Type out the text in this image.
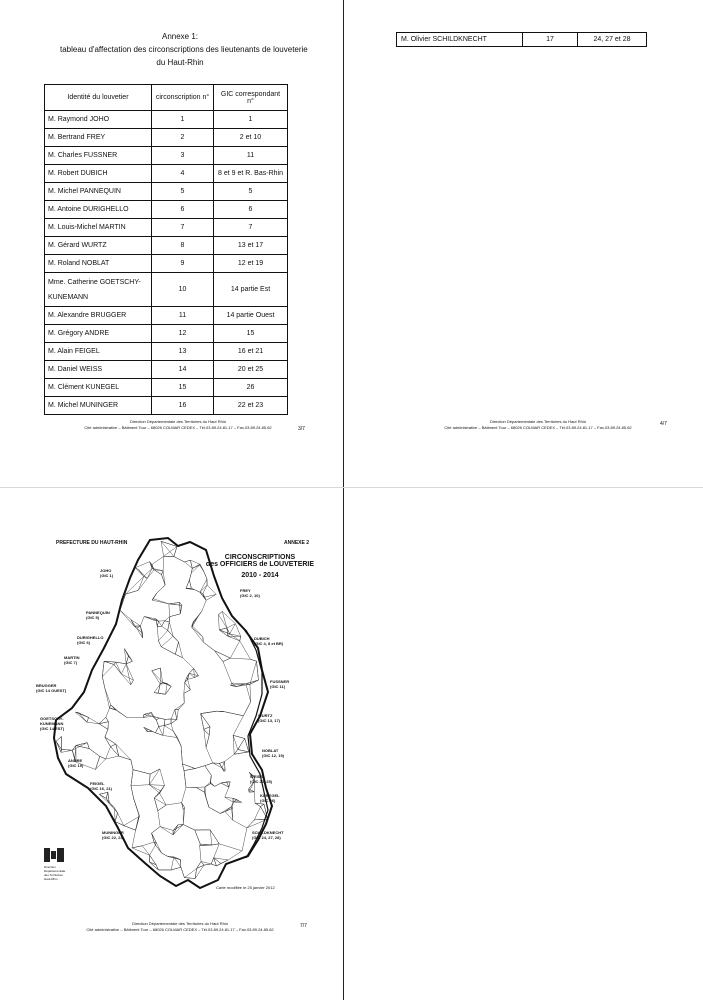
Annexe 1:
tableau d'affectation des circonscriptions des lieutenants de louveterie
du Haut-Rhin
Identité du louvetier	circonscription n°	GIC correspondant n°
M. Raymond JOHO	1	1
M. Bertrand FREY	2	2 et 10
M. Charles FUSSNER	3	11
M. Robert DUBICH	4	8 et 9 et R. Bas-Rhin
M. Michel PANNEQUIN	5	5
M. Antoine DURIGHELLO	6	6
M. Louis-Michel MARTIN	7	7
M. Gérard WURTZ	8	13 et 17
M. Roland NOBLAT	9	12 et 19

Mme. Catherine GOETSCHY-
KUNEMANN	10	14 partie Est
M. Alexandre BRUGGER	11	14 partie Ouest
M. Grégory ANDRE	12	15
M. Alain FEIGEL	13	16 et 21
M. Daniel WEISS	14	20 et 25
M. Clément KUNEGEL	15	26
M. Michel MUNINGER	16	22 et 23
Direction Départementale des Territoires du Haut Rhin
Cité administrative – Bâtiment Tour – 68026 COLMAR CEDEX – Tél.03.89.24.81.17 – Fax.03.89.24.85.62	3/7
M. Olivier SCHILDKNECHT	17	24, 27 et 28
Direction Départementale des Territoires du Haut Rhin
Cité administrative – Bâtiment Tour – 68026 COLMAR CEDEX – Tél.03.89.24.81.17 – Fax.03.89.24.85.62
4/7
PREFECTURE DU HAUT-RHIN	ANNEXE 2
CIRCONSCRIPTIONS
des OFFICIERS de LOUVETERIE
2010 - 2014
JOHO
(GIC 1)
FREY
(GIC 2, 10)
PANNEQUIN
(GIC 5)
DURIGHELLO
(GIC 6)
DUBICH
(GIC 4, 8 et BR)
MARTIN
(GIC 7)
FUSSNER
(GIC 11)
BRUGGER
(GIC 14 OUEST)
WURTZ
(GIC 13, 17)
GOETSCHY-
KUNEMANN
(GIC 14 EST)
NOBLAT
(GIC 12, 19)
ANDRE
(GIC 15)
WEISS
(GIC 20, 25)
FEIGEL
(GIC 16, 21)
KUNEGEL
(GIC 26)
MUNINGER
(GIC 22, 23)
SCHILDKNECHT
(GIC 24, 27, 28)
Direction
Départementale
des Territoires
Haut-Rhin
Carte modifiée le 25 janvier 2012
Direction Départementale des Territoires du Haut Rhin
Cité administrative – Bâtiment Tour – 68026 COLMAR CEDEX – Tél.03.89.24.81.17 – Fax.03.89.24.85.62
7/7
